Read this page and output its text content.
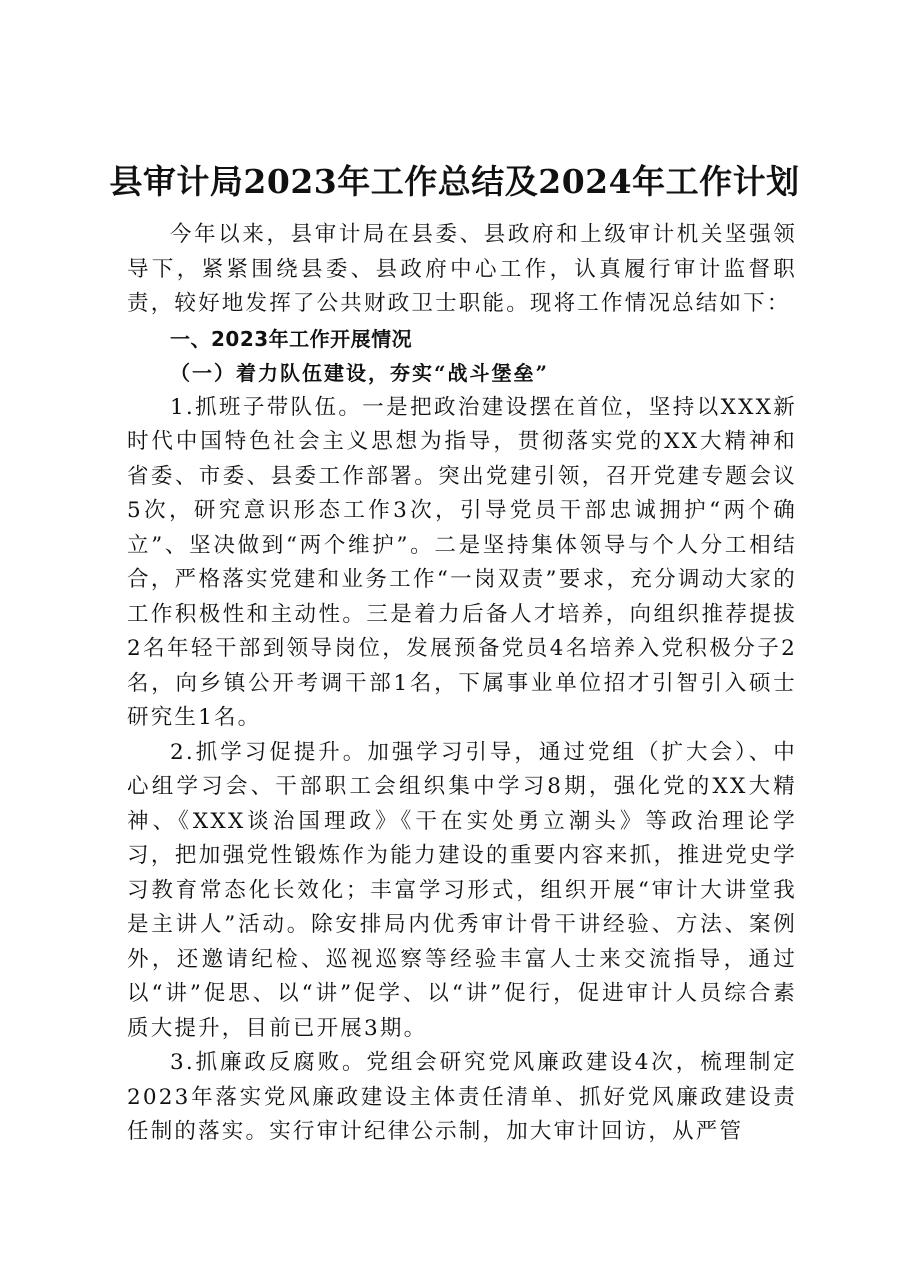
县审计局2023年工作总结及2024年工作计划

今年以来，县审计局在县委、县政府和上级审计机关坚强领导下，紧紧围绕县委、县政府中心工作，认真履行审计监督职责，较好地发挥了公共财政卫士职能。现将工作情况总结如下：

一、2023年工作开展情况

（一）着力队伍建设，夯实“战斗堡垒”

1.抓班子带队伍。一是把政治建设摆在首位，坚持以XXX新时代中国特色社会主义思想为指导，贯彻落实党的XX大精神和省委、市委、县委工作部署。突出党建引领，召开党建专题会议5次，研究意识形态工作3次，引导党员干部忠诚拥护“两个确立”、坚决做到“两个维护”。二是坚持集体领导与个人分工相结合，严格落实党建和业务工作“一岗双责”要求，充分调动大家的工作积极性和主动性。三是着力后备人才培养，向组织推荐提拔2名年轻干部到领导岗位，发展预备党员4名培养入党积极分子2名，向乡镇公开考调干部1名，下属事业单位招才引智引入硕士研究生1名。

2.抓学习促提升。加强学习引导，通过党组（扩大会）、中心组学习会、干部职工会组织集中学习8期，强化党的XX大精神、《XXX谈治国理政》《干在实处勇立潮头》等政治理论学习，把加强党性锻炼作为能力建设的重要内容来抓，推进党史学习教育常态化长效化；丰富学习形式，组织开展“审计大讲堂我是主讲人”活动。除安排局内优秀审计骨干讲经验、方法、案例外，还邀请纪检、巡视巡察等经验丰富人士来交流指导，通过以“讲”促思、以“讲”促学、以“讲”促行，促进审计人员综合素质大提升，目前已开展3期。

3.抓廉政反腐败。党组会研究党风廉政建设4次，梳理制定2023年落实党风廉政建设主体责任清单、抓好党风廉政建设责任制的落实。实行审计纪律公示制，加大审计回访，从严管
